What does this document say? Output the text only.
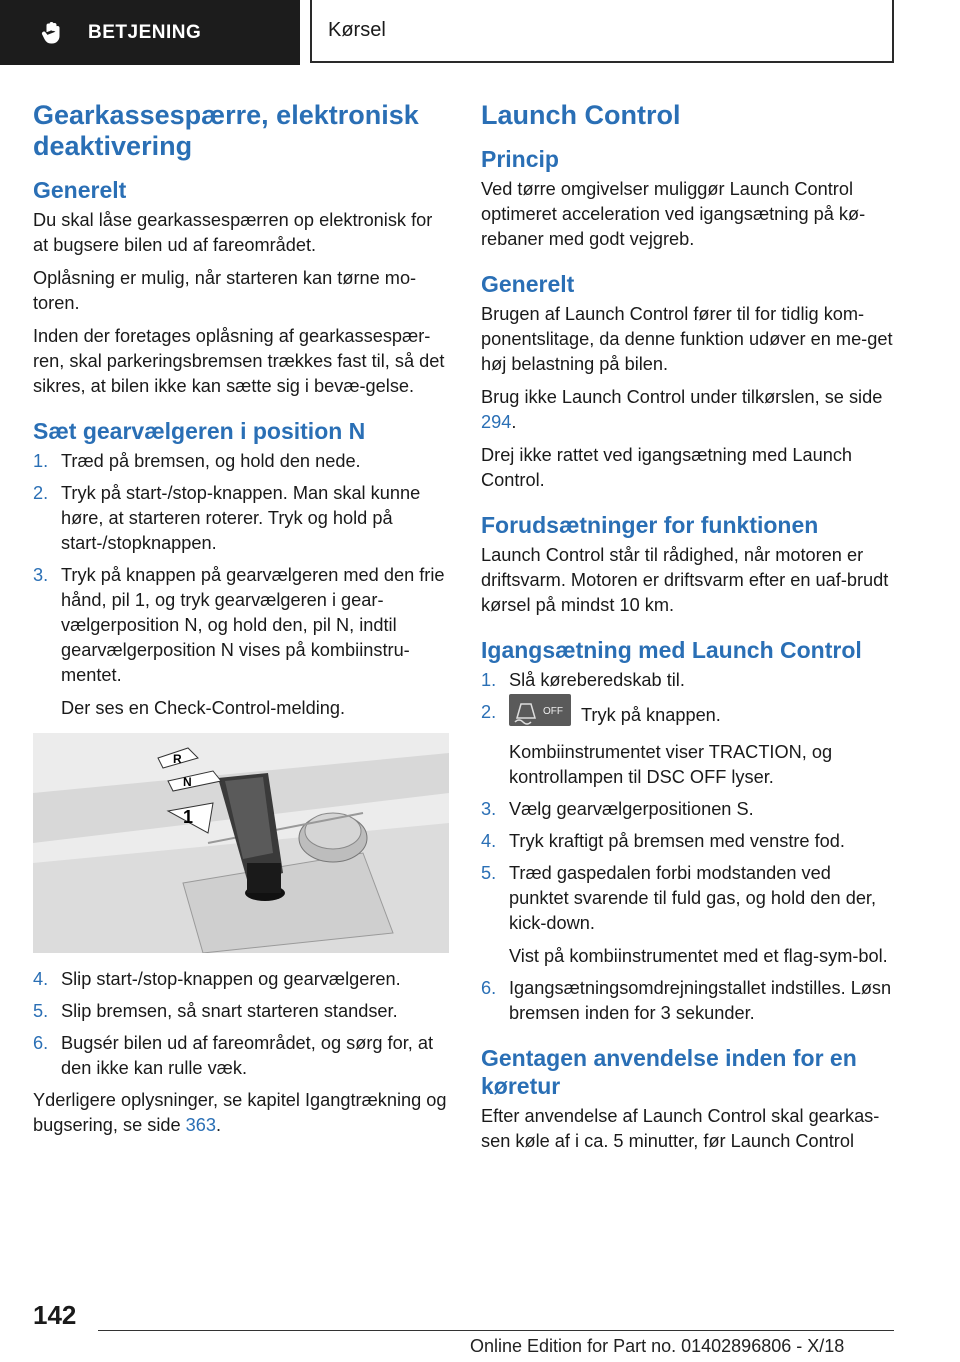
BETJENING	Kørsel
Gearkassespærre, elektronisk deaktivering
Generelt

Du skal låse gearkassespærren op elektronisk for at bugsere bilen ud af fareområdet.

Oplåsning er mulig, når starteren kan tørne mo-toren.

Inden der foretages oplåsning af gearkassespær-ren, skal parkeringsbremsen trækkes fast til, så det sikres, at bilen ikke kan sætte sig i bevæ-gelse.

Sæt gearvælgeren i position N
1. Træd på bremsen, og hold den nede.
2. Tryk på start-/stop-knappen. Man skal kunne høre, at starteren roterer. Tryk og hold på start-/stopknappen.
3. Tryk på knappen på gearvælgeren med den frie hånd, pil 1, og tryk gearvælgeren i gear-vælgerposition N, og hold den, pil N, indtil gearvælgerposition N vises på kombiinstru-mentet.
Der ses en Check-Control-melding.
R
N
1
4. Slip start-/stop-knappen og gearvælgeren.
5. Slip bremsen, så snart starteren standser.
6. Bugsér bilen ud af fareområdet, og sørg for, at den ikke kan rulle væk.

Yderligere oplysninger, se kapitel Igangtrækning og bugsering, se side 363.

Launch Control
Princip

Ved tørre omgivelser muliggør Launch Control optimeret acceleration ved igangsætning på kø-rebaner med godt vejgreb.

Generelt

Brugen af Launch Control fører til for tidlig kom-ponentslitage, da denne funktion udøver en me-get høj belastning på bilen.

Brug ikke Launch Control under tilkørslen, se side 294.

Drej ikke rattet ved igangsætning med Launch Control.

Forudsætninger for funktionen

Launch Control står til rådighed, når motoren er driftsvarm. Motoren er driftsvarm efter en uaf-brudt kørsel på mindst 10 km.

Igangsætning med Launch Control
1. Slå køreberedskab til.
2.	OFF Tryk på knappen.
Kombiinstrumentet viser TRACTION, og kontrollampen til DSC OFF lyser.
3. Vælg gearvælgerpositionen S.
4. Tryk kraftigt på bremsen med venstre fod.
5. Træd gaspedalen forbi modstanden ved punktet svarende til fuld gas, og hold den der, kick-down.
Vist på kombiinstrumentet med et flag-sym-bol.
6. Igangsætningsomdrejningstallet indstilles. Løsn bremsen inden for 3 sekunder.
Gentagen anvendelse inden for en køretur

Efter anvendelse af Launch Control skal gearkas-sen køle af i ca. 5 minutter, før Launch Control

142
Online Edition for Part no. 01402896806 - X/18
